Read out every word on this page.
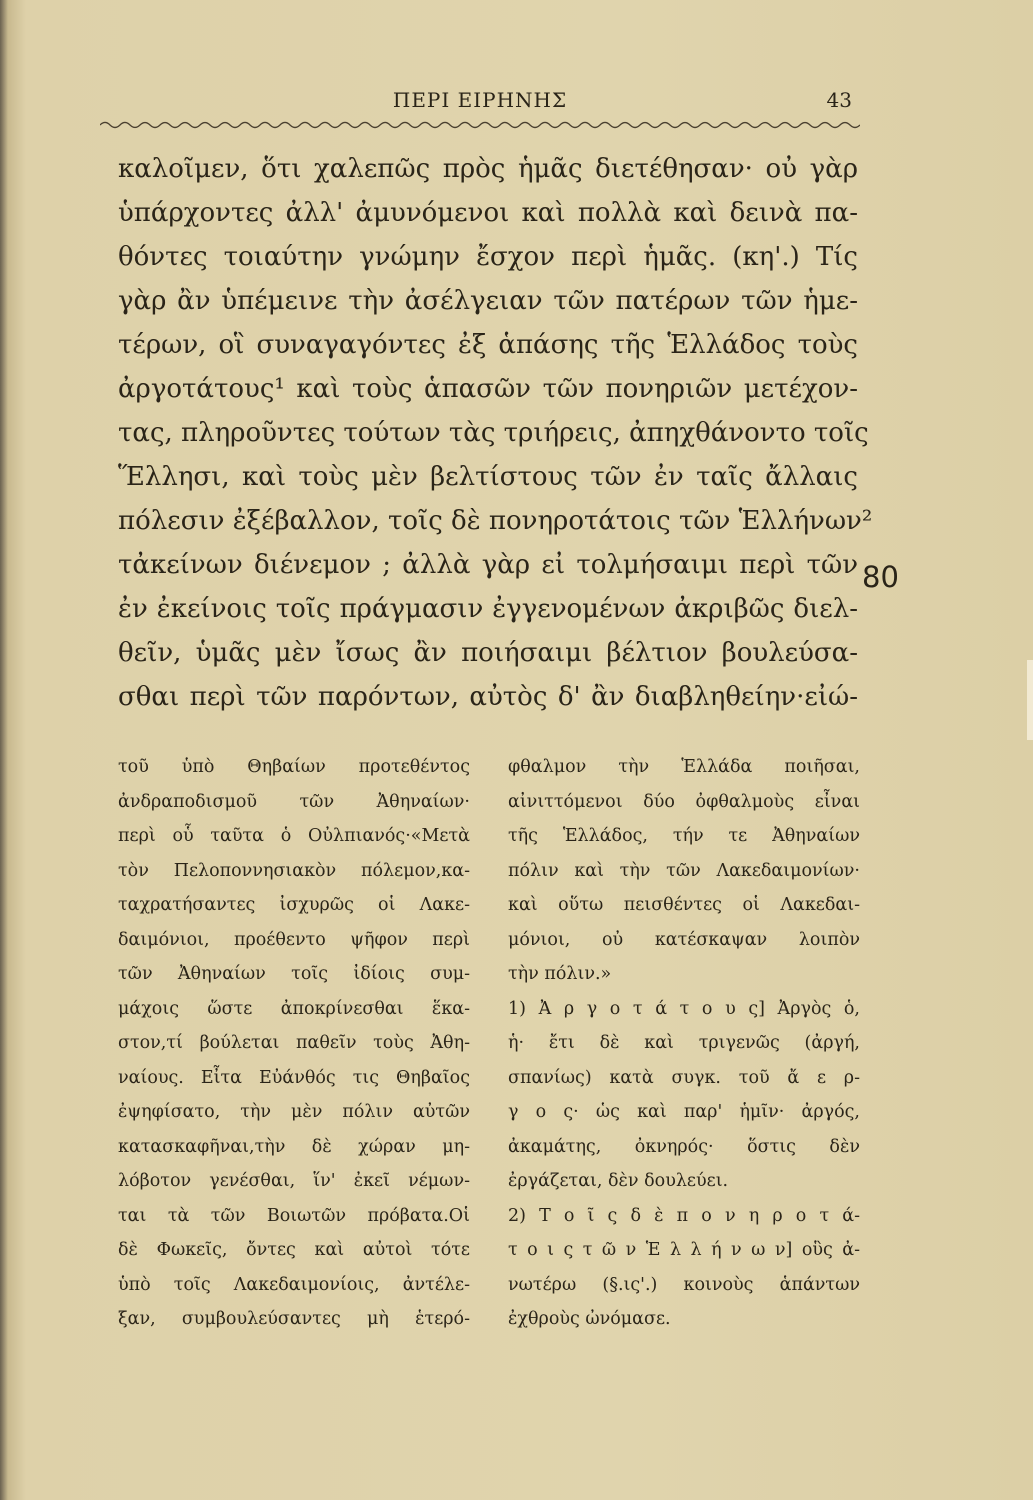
ΠΕΡΙ ΕΙΡΗΝΗΣ	43
καλοῖμεν, ὅτι χαλεπῶς πρὸς ἡμᾶς διετέθησαν· οὐ γὰρ
ὑπάρχοντες ἀλλ' ἀμυνόμενοι καὶ πολλὰ καὶ δεινὰ πα-
θόντες τοιαύτην γνώμην ἔσχον περὶ ἡμᾶς. (κη'.) Τίς
γὰρ ἂν ὑπέμεινε τὴν ἀσέλγειαν τῶν πατέρων τῶν ἡμε-
τέρων, οἳ συναγαγόντες ἐξ ἁπάσης τῆς Ἑλλάδος τοὺς
ἀργοτάτους¹ καὶ τοὺς ἁπασῶν τῶν πονηριῶν μετέχον-
τας, πληροῦντες τούτων τὰς τριήρεις, ἀπηχθάνοντο τοῖς
Ἕλλησι, καὶ τοὺς μὲν βελτίστους τῶν ἐν ταῖς ἄλλαις
πόλεσιν ἐξέβαλλον, τοῖς δὲ πονηροτάτοις τῶν Ἑλλήνων²
τἀκείνων διένεμον ; ἀλλὰ γὰρ εἰ τολμήσαιμι περὶ τῶν
ἐν ἐκείνοις τοῖς πράγμασιν ἐγγενομένων ἀκριβῶς διελ-
θεῖν, ὑμᾶς μὲν ἴσως ἂν ποιήσαιμι βέλτιον βουλεύσα-
σθαι περὶ τῶν παρόντων, αὐτὸς δ' ἂν διαβληθείην·εἰώ-
80
τοῦ ὑπὸ Θηβαίων προτεθέντος
ἀνδραποδισμοῦ τῶν Ἀθηναίων·
περὶ οὗ ταῦτα ὁ Οὐλπιανός·«Μετὰ
τὸν Πελοποννησιακὸν πόλεμον,κα-
ταχρατήσαντες ἰσχυρῶς οἱ Λακε-
δαιμόνιοι, προέθεντο ψῆφον περὶ
τῶν Ἀθηναίων τοῖς ἰδίοις συμ-
μάχοις ὥστε ἀποκρίνεσθαι ἕκα-
στον,τί βούλεται παθεῖν τοὺς Ἀθη-
ναίους. Εἶτα Εὐάνθός τις Θηβαῖος
ἐψηφίσατο, τὴν μὲν πόλιν αὐτῶν
κατασκαφῆναι,τὴν δὲ χώραν μη-
λόβοτον γενέσθαι, ἵν' ἐκεῖ νέμων-
ται τὰ τῶν Βοιωτῶν πρόβατα.Οἱ
δὲ Φωκεῖς, ὄντες καὶ αὐτοὶ τότε
ὑπὸ τοῖς Λακεδαιμονίοις, ἀντέλε-
ξαν, συμβουλεύσαντες μὴ ἑτερό-
φθαλμον τὴν Ἑλλάδα ποιῆσαι,
αἰνιττόμενοι δύο ὀφθαλμοὺς εἶναι
τῆς Ἑλλάδος, τήν τε Ἀθηναίων
πόλιν καὶ τὴν τῶν Λακεδαιμονίων·
καὶ οὕτω πεισθέντες οἱ Λακεδαι-
μόνιοι, οὐ κατέσκαψαν λοιπὸν
τὴν πόλιν.»
1) Ἀ ρ γ ο τ ά τ ο υ ς] Ἀργὸς ὁ,
ἡ· ἔτι δὲ καὶ τριγενῶς (ἀργή,
σπανίως) κατὰ συγκ. τοῦ ἄ ε ρ-
γ ο ς· ὡς καὶ παρ' ἡμῖν· ἀργός,
ἀκαμάτης, ὀκνηρός· ὅστις δὲν
ἐργάζεται, δὲν δουλεύει.
2) Τ ο ῖ ς δ ὲ π ο ν η ρ ο τ ά-
τ ο ι ς τ ῶ ν Ἑ λ λ ή ν ω ν] οὓς ἀ-
νωτέρω (§.ις'.) κοινοὺς ἁπάντων
ἐχθροὺς ὠνόμασε.
